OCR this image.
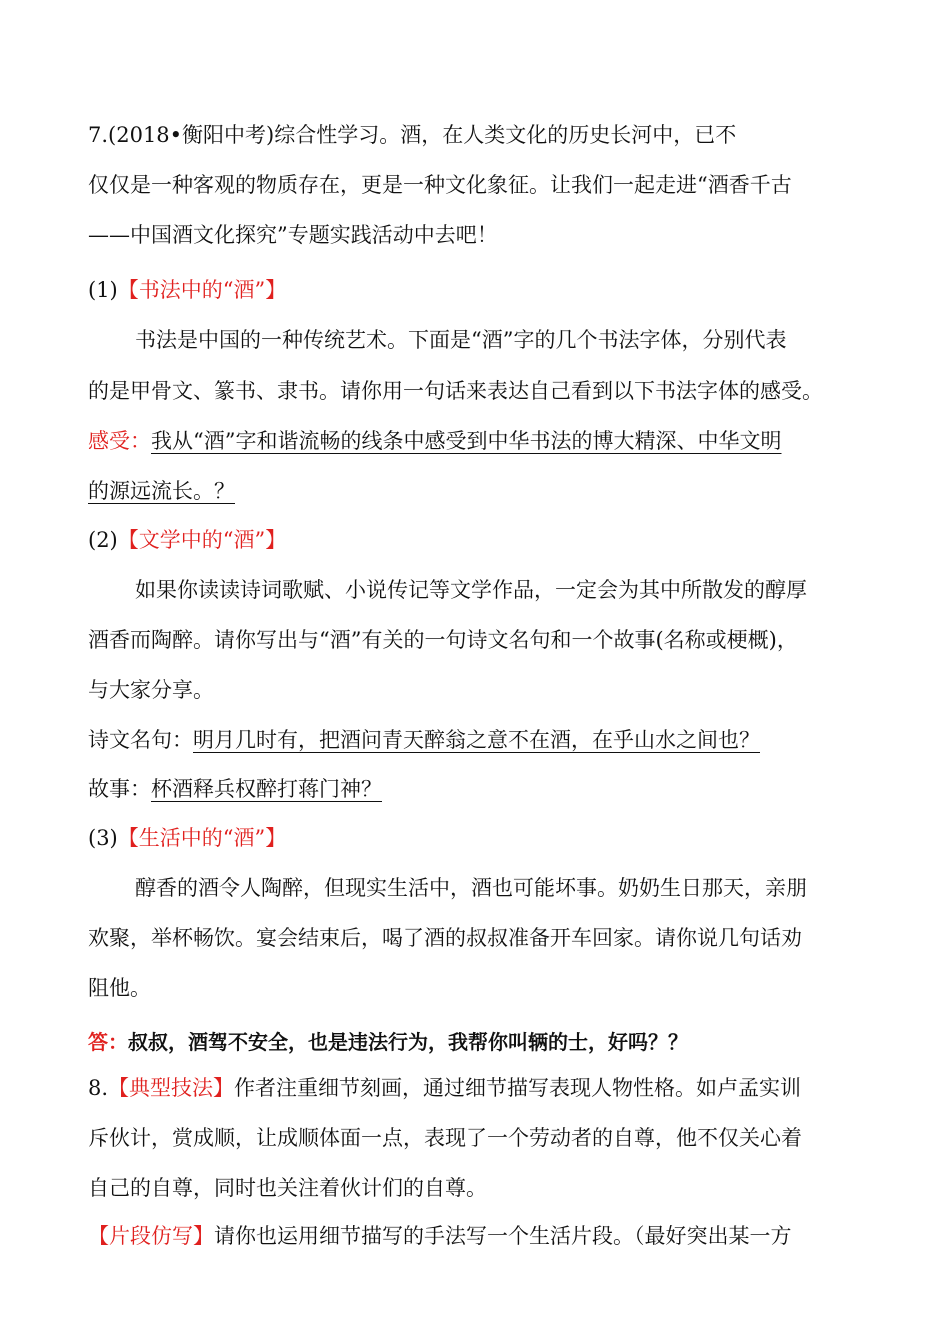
7.(2018•衡阳中考)综合性学习。酒，在人类文化的历史长河中，已不
仅仅是一种客观的物质存在，更是一种文化象征。让我们一起走进“酒香千古
——中国酒文化探究”专题实践活动中去吧！
(1)【书法中的“酒”】
书法是中国的一种传统艺术。下面是“酒”字的几个书法字体，分别代表
的是甲骨文、篆书、隶书。请你用一句话来表达自己看到以下书法字体的感受。
感受：我从“酒”字和谐流畅的线条中感受到中华书法的博大精深、中华文明
的源远流长。？
(2)【文学中的“酒”】
如果你读读诗词歌赋、小说传记等文学作品，一定会为其中所散发的醇厚
酒香而陶醉。请你写出与“酒”有关的一句诗文名句和一个故事(名称或梗概)，
与大家分享。
诗文名句：明月几时有，把酒问青天醉翁之意不在酒，在乎山水之间也？
故事：杯酒释兵权醉打蒋门神？
(3)【生活中的“酒”】
醇香的酒令人陶醉，但现实生活中，酒也可能坏事。奶奶生日那天，亲朋
欢聚，举杯畅饮。宴会结束后，喝了酒的叔叔准备开车回家。请你说几句话劝
阻他。
答：叔叔，酒驾不安全，也是违法行为，我帮你叫辆的士，好吗？？
8.【典型技法】作者注重细节刻画，通过细节描写表现人物性格。如卢孟实训
斥伙计，赏成顺，让成顺体面一点，表现了一个劳动者的自尊，他不仅关心着
自己的自尊，同时也关注着伙计们的自尊。
【片段仿写】请你也运用细节描写的手法写一个生活片段。（最好突出某一方
